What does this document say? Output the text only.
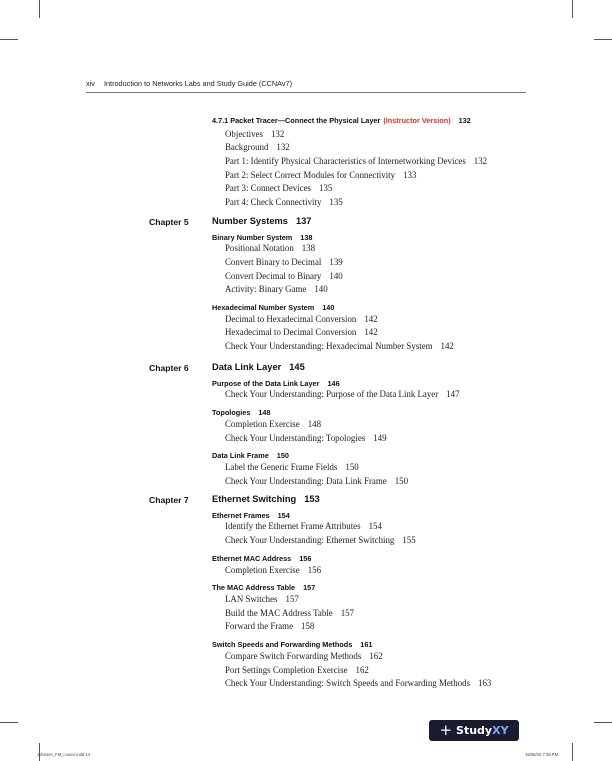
xiv Introduction to Networks Labs and Study Guide (CCNAv7)
4.7.1 Packet Tracer—Connect the Physical Layer (Instructor Version) 132
Objectives 132
Background 132
Part 1: Identify Physical Characteristics of Internetworking Devices 132
Part 2: Select Correct Modules for Connectivity 133
Part 3: Connect Devices 135
Part 4: Check Connectivity 135
Chapter 5	Number Systems 137
Binary Number System 138
Positional Notation 138
Convert Binary to Decimal 139
Convert Decimal to Binary 140
Activity: Binary Game 140
Hexadecimal Number System 140
Decimal to Hexadecimal Conversion 142
Hexadecimal to Decimal Conversion 142
Check Your Understanding: Hexadecimal Number System 142
Chapter 6	Data Link Layer 145
Purpose of the Data Link Layer 146
Check Your Understanding: Purpose of the Data Link Layer 147
Topologies 148
Completion Exercise 148
Check Your Understanding: Topologies 149
Data Link Frame 150
Label the Generic Frame Fields 150
Check Your Understanding: Data Link Frame 150
Chapter 7	Ethernet Switching 153
Ethernet Frames 154
Identify the Ethernet Frame Attributes 154
Check Your Understanding: Ethernet Switching 155
Ethernet MAC Address 156
Completion Exercise 156
The MAC Address Table 157
LAN Switches 157
Build the MAC Address Table 157
Forward the Frame 158
Switch Speeds and Forwarding Methods 161
Compare Switch Forwarding Methods 162
Port Settings Completion Exercise 162
Check Your Understanding: Switch Speeds and Forwarding Methods 163
+ Study XY
Johnson_FM_i-xxxvi.indd 14	15/08/20 7:39 PM
